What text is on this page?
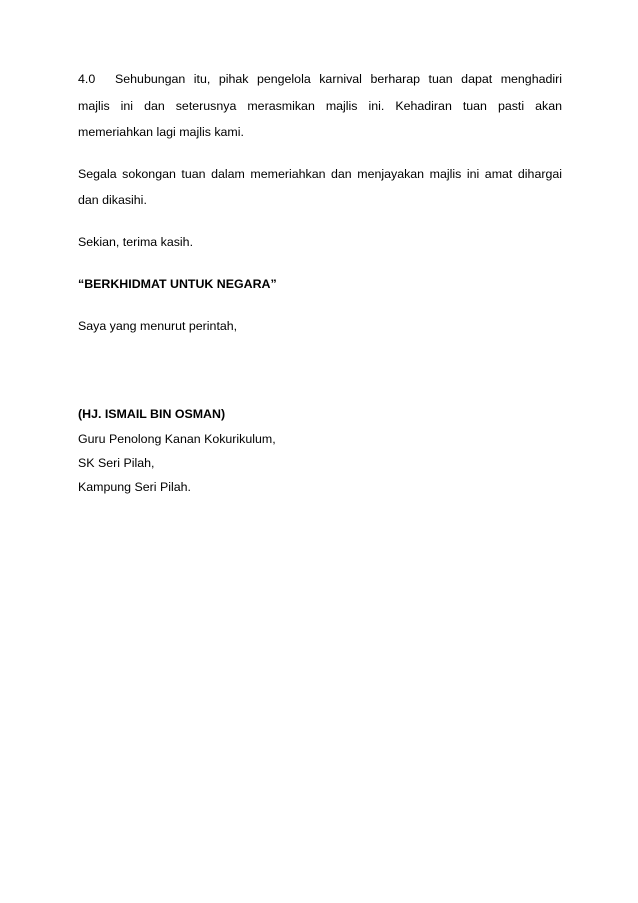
4.0 Sehubungan itu, pihak pengelola karnival berharap tuan dapat menghadiri
majlis ini dan seterusnya merasmikan majlis ini. Kehadiran tuan pasti akan
memeriahkan lagi majlis kami.
Segala sokongan tuan dalam memeriahkan dan menjayakan majlis ini amat dihargai
dan dikasihi.
Sekian, terima kasih.
“BERKHIDMAT UNTUK NEGARA”
Saya yang menurut perintah,
(HJ. ISMAIL BIN OSMAN)
Guru Penolong Kanan Kokurikulum,
SK Seri Pilah,
Kampung Seri Pilah.
